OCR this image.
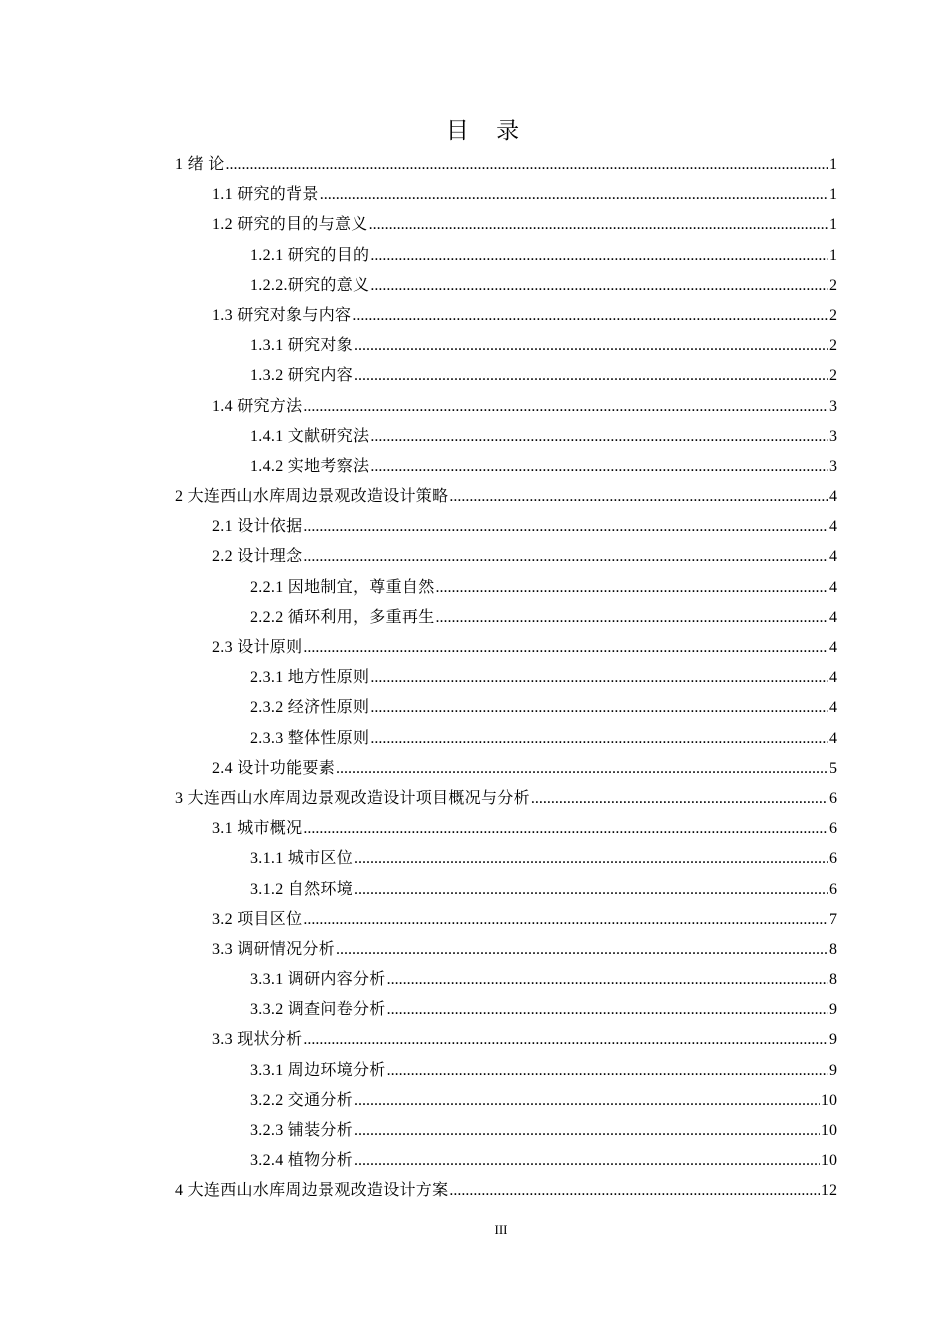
目 录
1 绪 论 .....	1
1.1 研究的背景 .....	1
1.2 研究的目的与意义 .....	1
1.2.1 研究的目的 .....	1
1.2.2.研究的意义 .....	2
1.3 研究对象与内容 .....	2
1.3.1 研究对象 .....	2
1.3.2 研究内容 .....	2
1.4 研究方法 .....	3
1.4.1 文献研究法 .....	3
1.4.2 实地考察法 .....	3
2 大连西山水库周边景观改造设计策略 .....	4
2.1 设计依据 .....	4
2.2 设计理念 .....	4
2.2.1 因地制宜，尊重自然 .....	4
2.2.2 循环利用，多重再生 .....	4
2.3 设计原则 .....	4
2.3.1 地方性原则 .....	4
2.3.2 经济性原则 .....	4
2.3.3 整体性原则 .....	4
2.4 设计功能要素 .....	5
3 大连西山水库周边景观改造设计项目概况与分析 .....	6
3.1 城市概况 .....	6
3.1.1 城市区位 .....	6
3.1.2 自然环境 .....	6
3.2 项目区位 .....	7
3.3 调研情况分析 .....	8
3.3.1 调研内容分析 .....	8
3.3.2 调查问卷分析 .....	9
3.3 现状分析 .....	9
3.3.1 周边环境分析 .....	9
3.2.2 交通分析 .....	10
3.2.3 铺装分析 .....	10
3.2.4 植物分析 .....	10
4 大连西山水库周边景观改造设计方案 .....	12
III
